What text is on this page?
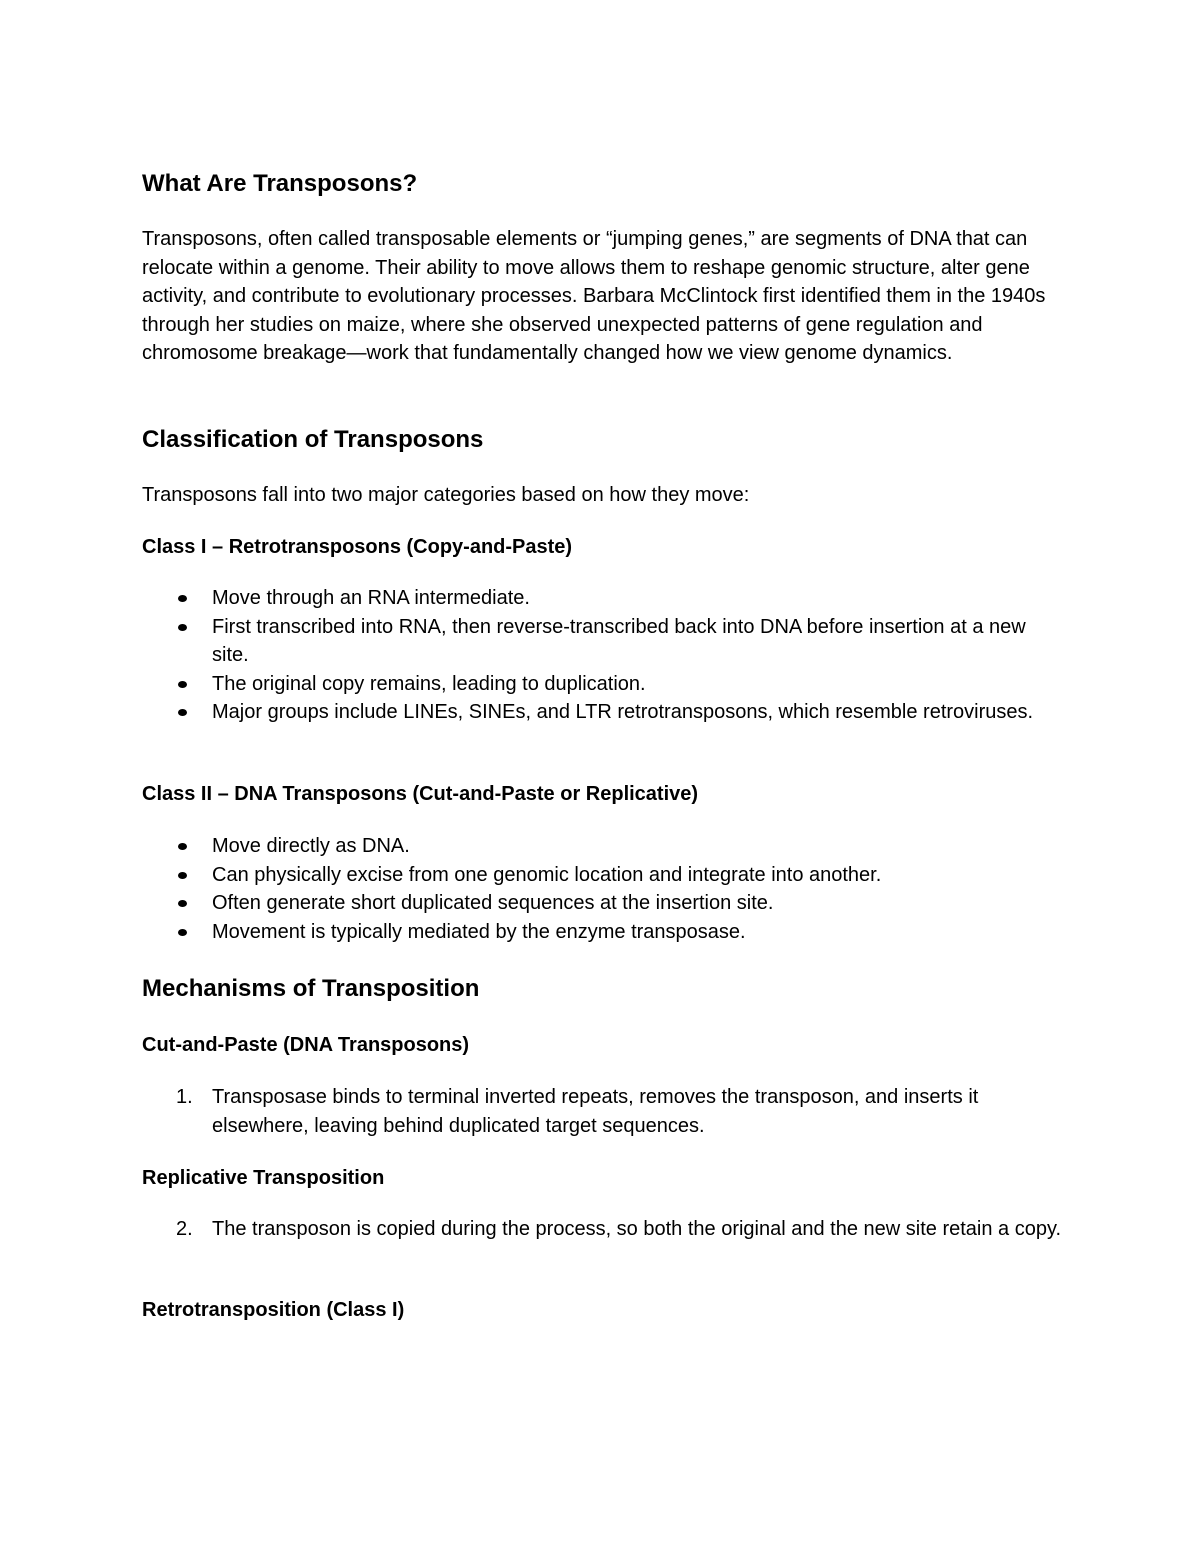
What Are Transposons?

Transposons, often called transposable elements or “jumping genes,” are segments of DNA that can relocate within a genome. Their ability to move allows them to reshape genomic structure, alter gene activity, and contribute to evolutionary processes. Barbara McClintock first identified them in the 1940s through her studies on maize, where she observed unexpected patterns of gene regulation and chromosome breakage—work that fundamentally changed how we view genome dynamics.

Classification of Transposons

Transposons fall into two major categories based on how they move:

Class I – Retrotransposons (Copy-and-Paste)
Move through an RNA intermediate.
First transcribed into RNA, then reverse-transcribed back into DNA before insertion at a new site.
The original copy remains, leading to duplication.
Major groups include LINEs, SINEs, and LTR retrotransposons, which resemble retroviruses.
Class II – DNA Transposons (Cut-and-Paste or Replicative)
Move directly as DNA.
Can physically excise from one genomic location and integrate into another.
Often generate short duplicated sequences at the insertion site.
Movement is typically mediated by the enzyme transposase.
Mechanisms of Transposition
Cut-and-Paste (DNA Transposons)
1. Transposase binds to terminal inverted repeats, removes the transposon, and inserts it elsewhere, leaving behind duplicated target sequences.
Replicative Transposition
2. The transposon is copied during the process, so both the original and the new site retain a copy.
Retrotransposition (Class I)
